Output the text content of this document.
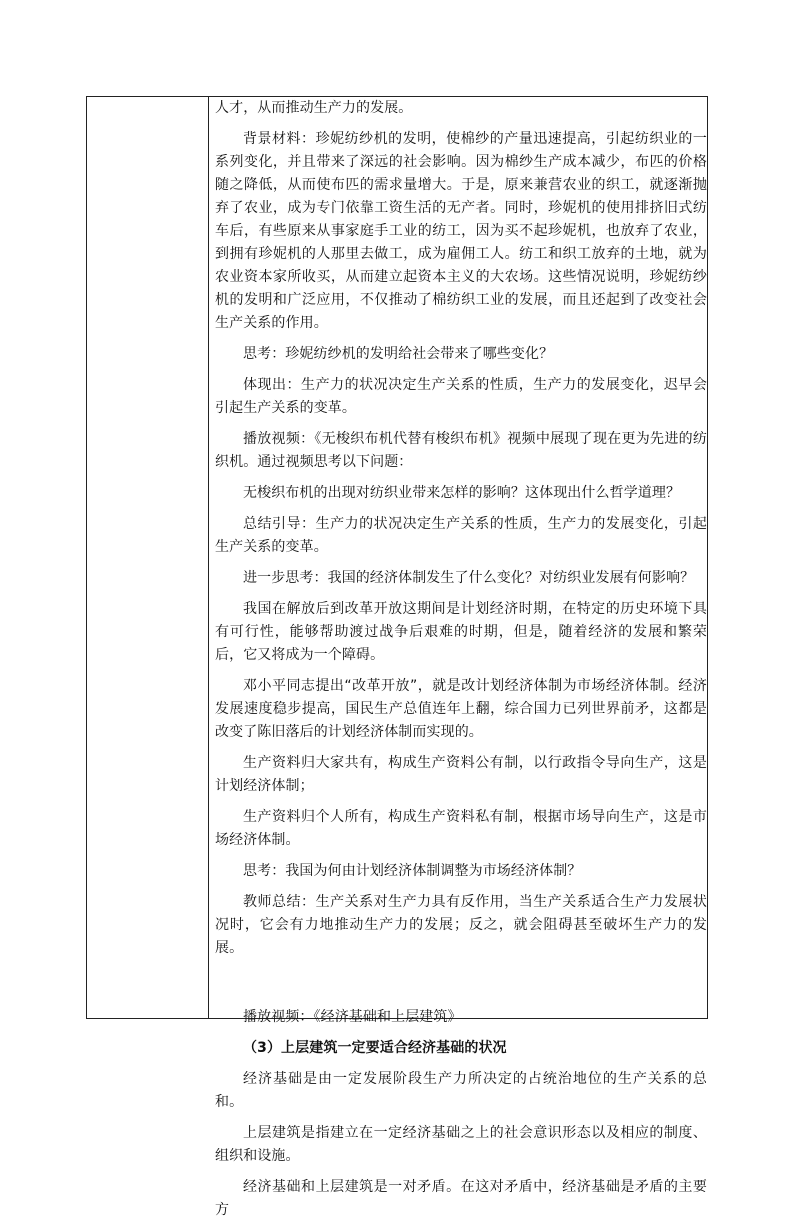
人才，从而推动生产力的发展。

背景材料：珍妮纺纱机的发明，使棉纱的产量迅速提高，引起纺织业的一系列变化，并且带来了深远的社会影响。因为棉纱生产成本减少，布匹的价格随之降低，从而使布匹的需求量增大。于是，原来兼营农业的织工，就逐渐抛弃了农业，成为专门依靠工资生活的无产者。同时，珍妮机的使用排挤旧式纺车后，有些原来从事家庭手工业的纺工，因为买不起珍妮机，也放弃了农业，到拥有珍妮机的人那里去做工，成为雇佣工人。纺工和织工放弃的土地，就为农业资本家所收买，从而建立起资本主义的大农场。这些情况说明，珍妮纺纱机的发明和广泛应用，不仅推动了棉纺织工业的发展，而且还起到了改变社会生产关系的作用。

思考：珍妮纺纱机的发明给社会带来了哪些变化？

体现出：生产力的状况决定生产关系的性质，生产力的发展变化，迟早会引起生产关系的变革。

播放视频：《无梭织布机代替有梭织布机》视频中展现了现在更为先进的纺织机。通过视频思考以下问题：

无梭织布机的出现对纺织业带来怎样的影响？这体现出什么哲学道理？

总结引导：生产力的状况决定生产关系的性质，生产力的发展变化，引起生产关系的变革。

进一步思考：我国的经济体制发生了什么变化？对纺织业发展有何影响？

我国在解放后到改革开放这期间是计划经济时期，在特定的历史环境下具有可行性，能够帮助渡过战争后艰难的时期，但是，随着经济的发展和繁荣后，它又将成为一个障碍。

邓小平同志提出“改革开放”，就是改计划经济体制为市场经济体制。经济发展速度稳步提高，国民生产总值连年上翻，综合国力已列世界前矛，这都是改变了陈旧落后的计划经济体制而实现的。

生产资料归大家共有，构成生产资料公有制，以行政指令导向生产，这是计划经济体制；

生产资料归个人所有，构成生产资料私有制，根据市场导向生产，这是市场经济体制。

思考：我国为何由计划经济体制调整为市场经济体制？

教师总结：生产关系对生产力具有反作用，当生产关系适合生产力发展状况时，它会有力地推动生产力的发展；反之，就会阻碍甚至破坏生产力的发展。

播放视频：《经济基础和上层建筑》

（3）上层建筑一定要适合经济基础的状况

经济基础是由一定发展阶段生产力所决定的占统治地位的生产关系的总和。

上层建筑是指建立在一定经济基础之上的社会意识形态以及相应的制度、组织和设施。

经济基础和上层建筑是一对矛盾。在这对矛盾中，经济基础是矛盾的主要方
